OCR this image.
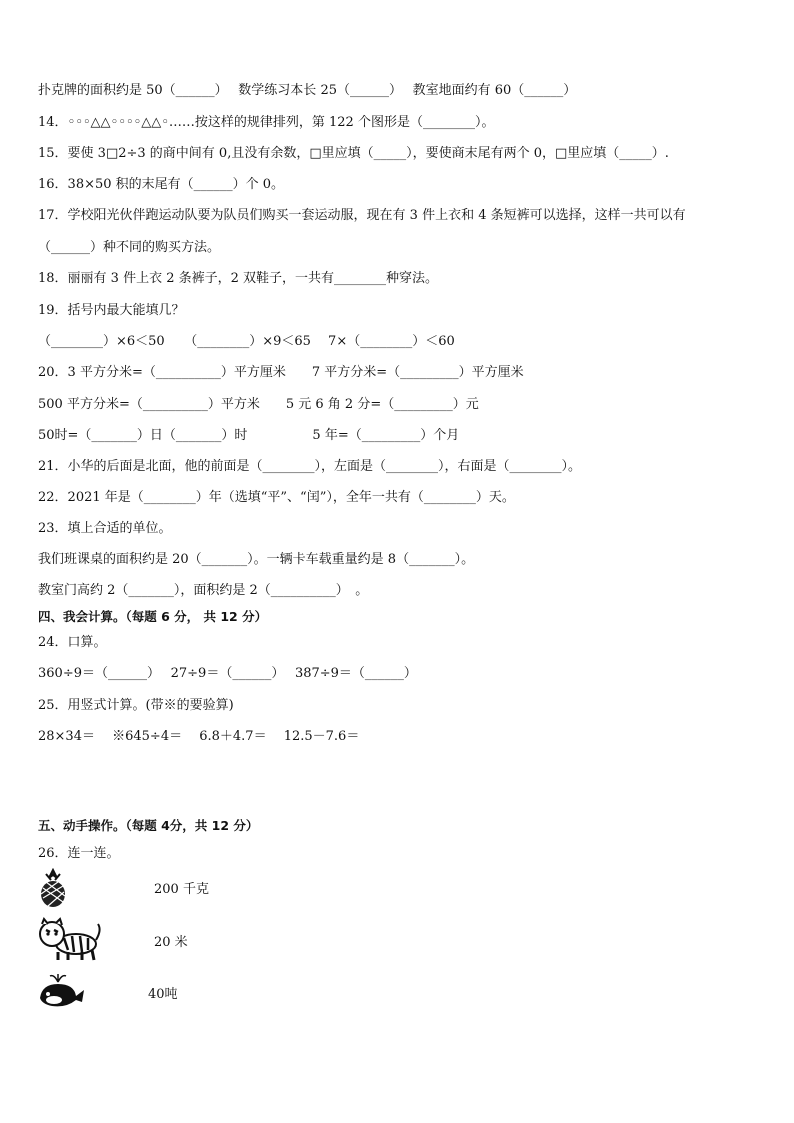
扑克牌的面积约是 50（______）　 数学练习本长 25（______）　 教室地面约有 60（______）
14．◦◦◦△△◦◦◦◦△△◦……按这样的规律排列，第 122 个图形是（________）。
15．要使 3□2÷3 的商中间有 0,且没有余数，□里应填（_____），要使商末尾有两个 0，□里应填（_____）.
16．38×50 积的末尾有（______）个 0。
17．学校阳光伙伴跑运动队要为队员们购买一套运动服，现在有 3 件上衣和 4 条短裤可以选择，这样一共可以有
（______）种不同的购买方法。
18．丽丽有 3 件上衣 2 条裤子，2 双鞋子，一共有________种穿法。
19．括号内最大能填几？
（________）×6＜50　　（________）×9＜65　 7×（________）＜60
20．3 平方分米=（__________）平方厘米　　7 平方分米=（_________）平方厘米
500 平方分米=（__________）平方米　　5 元 6 角 2 分=（_________）元
50时=（_______）日（_______）时　　　　　5 年=（_________）个月
21．小华的后面是北面，他的前面是（________），左面是（________），右面是（________）。
22．2021 年是（________）年（选填“平”、“闰”），全年一共有（________）天。
23．填上合适的单位。
我们班课桌的面积约是 20（_______）。一辆卡车载重量约是 8（_______）。
教室门高约 2（_______），面积约是 2（__________）　。
四、我会计算。（每题 6 分， 共 12 分）
24．口算。
360÷9＝（______）　 27÷9＝（______）　 387÷9＝（______）
25．用竖式计算。(带※的要验算)
28×34＝　 ※645÷4＝　 6.8＋4.7＝　 12.5－7.6＝
五、动手操作。（每题 4分，共 12 分）
26．连一连。
200 千克
20 米
40吨
